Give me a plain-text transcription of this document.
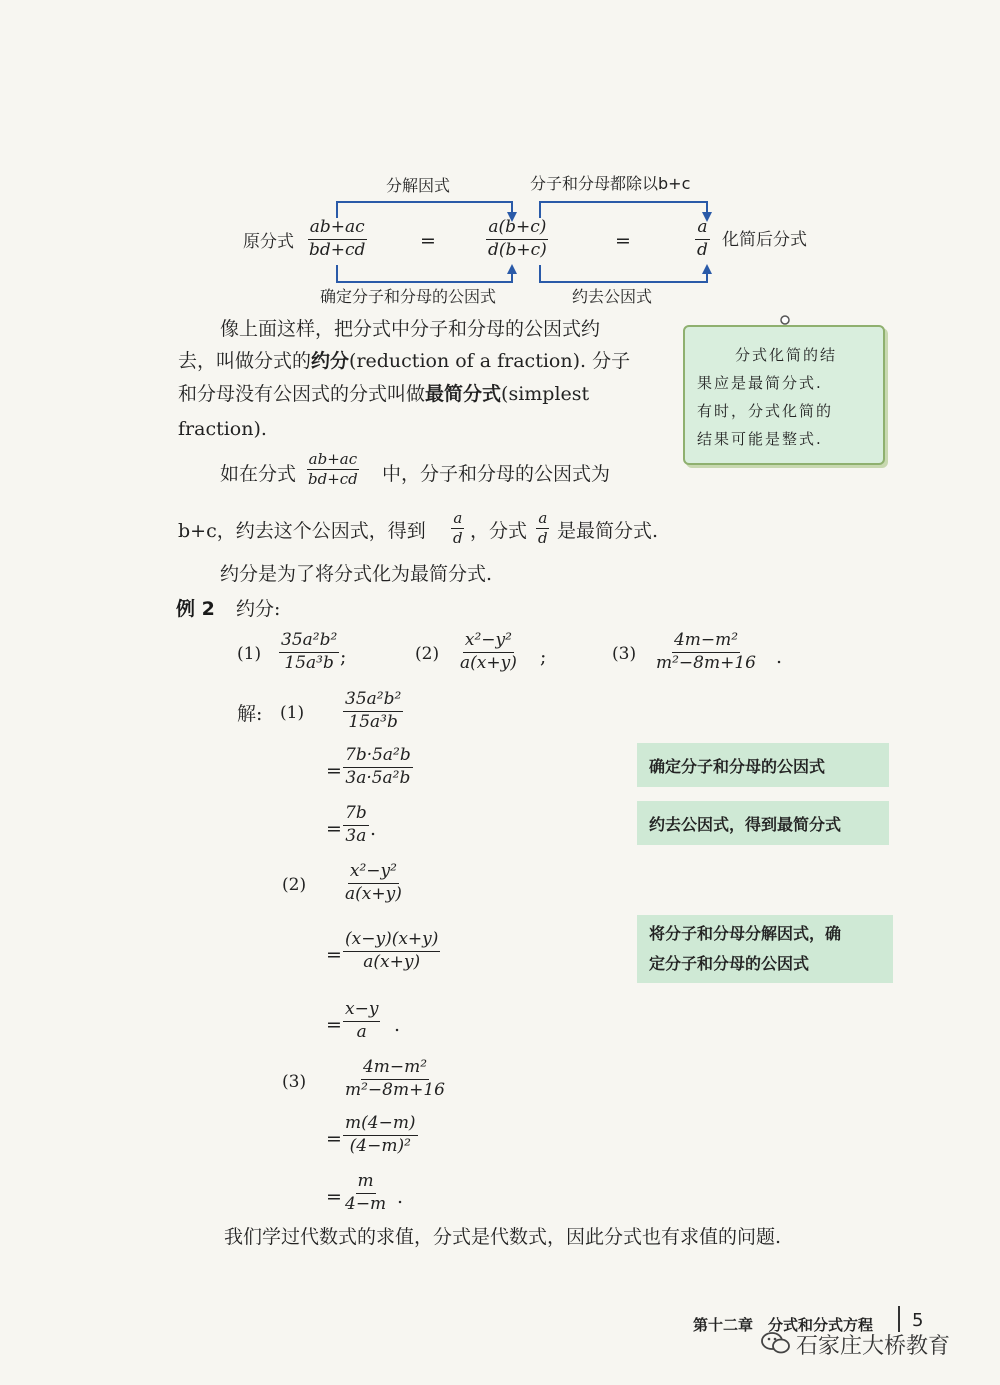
分解因式	分子和分母都除以b+c
原分式	化简后分式
确定分子和分母的公因式	约去公因式
$\frac{ab+ac}{bd+cd}$	=	$\frac{a(b+c)}{d(b+c)}$	=	$\frac{a}{d}$
像上面这样，把分式中分子和分母的公因式约
去，叫做分式的约分(reduction of a fraction). 分子
和分母没有公因式的分式叫做最简分式(simplest
fraction).
分式化简的结
果应是最简分式.
有时，分式化简的
结果可能是整式.
如在分式 $\frac{ab+ac}{bd+cd}$ 中，分子和分母的公因式为
b+c，约去这个公因式，得到 $\frac{a}{d}$ ，分式 $\frac{a}{d}$ 是最简分式.
约分是为了将分式化为最简分式.
例 2 约分:
$(1) \frac{\text{35a²b²}}{\text{15a³b}}$ ;	$(2) \frac{\text{x²−y²}}{a(x+y)}$ ;	$(3) \frac{\text{4m−m²}}{\text{m²−8m+16}}$ .
解: $(1) \frac{\text{35a²b²}}{\text{15a³b}}$
= $\frac{\text{7b·5a²b}}{\text{3a·5a²b}}$
= $\frac{7b}{3a}$ .
$(2) \frac{\text{x²−y²}}{a(x+y)}$
= $\frac{(x-y)(x+y)}{a(x+y)}$
= $\frac{x-y}{a}$ .
$(3) \frac{\text{4m−m²}}{\text{m²−8m+16}}$
= $\frac{m(4-m)}{\text{(4−m)²}}$
= $\frac{m}{4-m}$ .
确定分子和分母的公因式
约去公因式，得到最简分式
将分子和分母分解因式，确
定分子和分母的公因式
我们学过代数式的求值，分式是代数式，因此分式也有求值的问题.
第十二章　分式和分式方程 5
石家庄大桥教育
